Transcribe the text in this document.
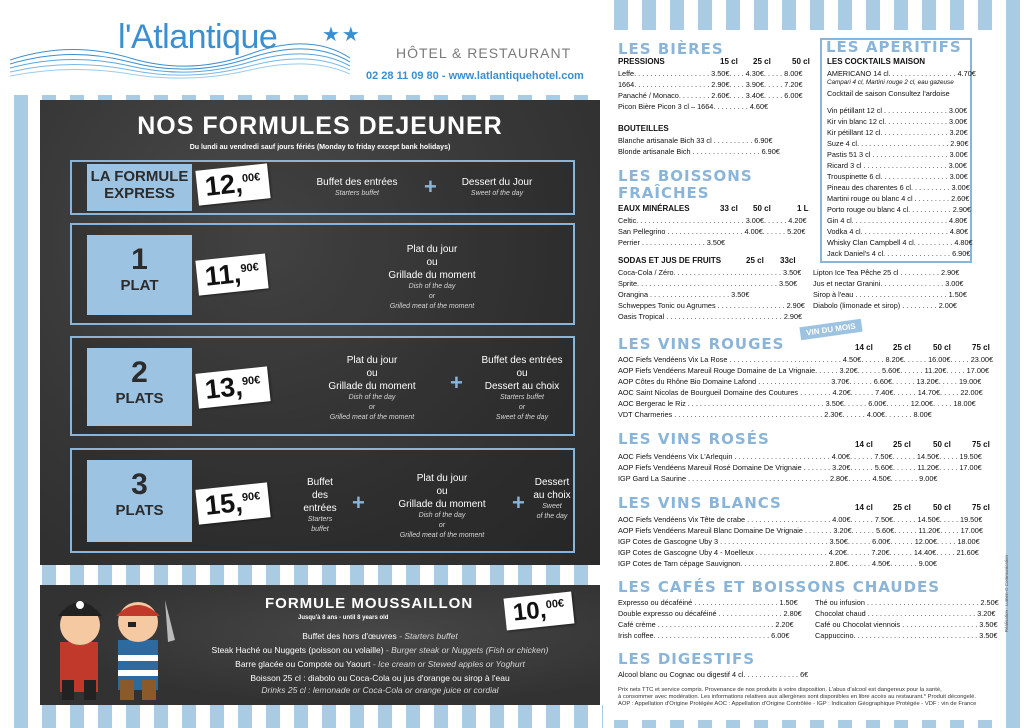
l'Atlantique ★★
HÔTEL & RESTAURANT
02 28 11 09 80 - www.latlantiquehotel.com
NOS FORMULES DEJEUNER
Du lundi au vendredi sauf jours fériés (Monday to friday except bank holidays)
LA FORMULE
EXPRESS	12,$^{00€}$	Buffet des entrées
Starters buffet	+	Dessert du Jour
Sweet of the day
1
PLAT	11,$^{90€}$
Plat du jour
ou
Grillade du moment
Dish of the day
or
Grilled meat of the moment
2
PLATS	13,$^{90€}$
Plat du jour
ou
Grillade du moment
Dish of the day
or
Grilled meat of the moment
+
Buffet des entrées
ou
Dessert au choix
Starters buffet
or
Sweet of the day
3
PLATS	15,$^{90€}$
Buffet
des
entrées
Starters
buffet
+
Plat du jour
ou
Grillade du moment
Dish of the day
or
Grilled meat of the moment
+
Dessert
au choix
Sweet
of the day
FORMULE MOUSSAILLON
Jusqu'à 8 ans - until 8 years old	10,$^{00€}$
Buffet des hors d'œuvres - Starters buffet
Steak Haché ou Nuggets (poisson ou volaille) - Burger steak or Nuggets (Fish or chicken)
Barre glacée ou Compote ou Yaourt - Ice cream or Stewed apples or Yoghurt
Boisson 25 cl : diabolo ou Coca-Cola ou jus d'orange ou sirop à l'eau
Drinks 25 cl : lemonade or Coca-Cola or orange juice or cordial
LES BIÈRES
PRESSIONS	15 cl 25 cl	50 cl
Leffe. . . . . . . . . . . . . . . . . . . 3.50€. . . . 4.30€. . . . . 8.00€
1664. . . . . . . . . . . . . . . . . . . 2.90€. . . . 3.90€. . . . . 7.20€
Panaché / Monaco. . . . . . . . 2.60€. . . . 3.40€. . . . . 6.00€
Picon Bière Picon 3 cl – 1664. . . . . . . . . 4.60€
BOUTEILLES
Blanche artisanale Bich 33 cl . . . . . . . . . . 6.90€
Blonde artisanale Bich . . . . . . . . . . . . . . . . . 6.90€
LES APÉRITIFS
LES COCKTAILS MAISON
AMERICANO 14 cl. . . . . . . . . . . . . . . . . 4.70€
Campari 4 cl, Martini rouge 2 cl, eau gazeuse
Cocktail de saison Consultez l'ardoise
Vin pétillant 12 cl . . . . . . . . . . . . . . . . 3.00€
Kir vin blanc 12 cl. . . . . . . . . . . . . . . . 3.00€
Kir pétillant 12 cl. . . . . . . . . . . . . . . . . 3.20€
Suze 4 cl. . . . . . . . . . . . . . . . . . . . . . . 2.90€
Pastis 51 3 cl . . . . . . . . . . . . . . . . . . . 3.00€
Ricard 3 cl . . . . . . . . . . . . . . . . . . . . . 3.00€
Trouspinette 6 cl. . . . . . . . . . . . . . . . . 3.00€
Pineau des charentes 6 cl. . . . . . . . . . 3.00€
Martini rouge ou blanc 4 cl . . . . . . . . . 2.60€
Porto rouge ou blanc 4 cl. . . . . . . . . . . 2.90€
Gin 4 cl. . . . . . . . . . . . . . . . . . . . . . . . 4.80€
Vodka 4 cl. . . . . . . . . . . . . . . . . . . . . . 4.80€
Whisky Clan Campbell 4 cl. . . . . . . . . . 4.80€
Jack Daniel's 4 cl. . . . . . . . . . . . . . . . . 6.90€
LES BOISSONS
FRAÎCHES
EAUX MINÉRALES	33 cl 50 cl	1 L
Celtic. . . . . . . . . . . . . . . . . . . . . . . . . . . 3.00€. . . . . . 4.20€
San Pellegrino . . . . . . . . . . . . . . . . . . . 4.00€. . . . . . 5.20€
Perrier . . . . . . . . . . . . . . . . 3.50€
SODAS ET JUS DE FRUITS	25 cl 33cl
Coca-Cola / Zéro. . . . . . . . . . . . . . . . . . . . . . . . . . . 3.50€
Sprite. . . . . . . . . . . . . . . . . . . . . . . . . . . . . . . . . . . 3.50€
Orangina . . . . . . . . . . . . . . . . . . . . 3.50€
Schweppes Tonic ou Agrumes . . . . . . . . . . . . . . . . . 2.90€
Oasis Tropical . . . . . . . . . . . . . . . . . . . . . . . . . . . . . 2.90€
Lipton Ice Tea Pêche 25 cl . . . . . . . . . . 2.90€
Jus et nectar Granini. . . . . . . . . . . . . . . . 3.00€
Sirop à l'eau . . . . . . . . . . . . . . . . . . . . . . . 1.50€
Diabolo (limonade et sirop) . . . . . . . . . 2.00€
VIN DU MOIS
LES VINS ROUGES	14 cl	25 cl	50 cl	75 cl
AOC Fiefs Vendéens Vix La Rose . . . . . . . . . . . . . . . . . . . . . . . . . . . . 4.50€. . . . . . 8.20€. . . . . . 16.00€. . . . . 23.00€
AOP Fiefs Vendéens Mareuil Rouge Domaine de La Vrignaie. . . . . . 3.20€. . . . . . 5.60€. . . . . . 11.20€. . . . . 17.00€
AOP Côtes du Rhône Bio Domaine Lafond . . . . . . . . . . . . . . . . . . 3.70€. . . . . . 6.60€. . . . . . 13.20€. . . . . 19.00€
AOC Saint Nicolas de Bourgueil Domaine des Coutures . . . . . . . . 4.20€. . . . . . 7.40€. . . . . . 14.70€. . . . . 22.00€
AOC Bergerac le Riz . . . . . . . . . . . . . . . . . . . . . . . . . . . . . . . . . . 3.50€. . . . . . 6.00€. . . . . . 12.00€. . . . . 18.00€
VDT Charmeries . . . . . . . . . . . . . . . . . . . . . . . . . . . . . . . . . . . . . 2.30€. . . . . . 4.00€. . . . . . . 8.00€
LES VINS ROSÉS	14 cl	25 cl	50 cl	75 cl
AOC Fiefs Vendéens Vix L'Arlequin . . . . . . . . . . . . . . . . . . . . . . . . 4.00€. . . . . . 7.50€. . . . . . 14.50€. . . . . 19.50€
AOP Fiefs Vendéens Mareuil Rosé Domaine De Vrignaie . . . . . . . 3.20€. . . . . . 5.60€. . . . . . 11.20€. . . . . 17.00€
IGP Gard La Saurine . . . . . . . . . . . . . . . . . . . . . . . . . . . . . . . . . . . 2.80€. . . . . . 4.50€. . . . . . . 9.00€
LES VINS BLANCS	14 cl	25 cl	50 cl	75 cl
AOC Fiefs Vendéens Vix Tête de crabe . . . . . . . . . . . . . . . . . . . . . 4.00€. . . . . . 7.50€. . . . . . 14.50€. . . . . 19.50€
AOP Fiefs Vendéens Mareuil Blanc Domaine De Vrignaie . . . . . . . 3.20€. . . . . . 5.60€. . . . . . 11.20€. . . . . 17.00€
IGP Cotes de Gascogne Uby 3 . . . . . . . . . . . . . . . . . . . . . . . . . . . 3.50€. . . . . . 6.00€. . . . . . 12.00€. . . . . 18.00€
IGP Cotes de Gascogne Uby 4 - Moelleux . . . . . . . . . . . . . . . . . . 4.20€. . . . . . 7.20€. . . . . . 14.40€. . . . . 21.60€
IGP Cotes de Tarn cépage Sauvignon. . . . . . . . . . . . . . . . . . . . . . 2.80€. . . . . . 4.50€. . . . . . . 9.00€
LES CAFÉS ET BOISSONS CHAUDES
Expresso ou décaféiné . . . . . . . . . . . . . . . . . . . . . 1.50€
Double expresso ou décaféiné . . . . . . . . . . . . . . . . 2.80€
Café crème . . . . . . . . . . . . . . . . . . . . . . . . . . . . . 2.20€
Irish coffee. . . . . . . . . . . . . . . . . . . . . . . . . . . . . 6.00€
Thé ou infusion . . . . . . . . . . . . . . . . . . . . . . . . . . . . 2.50€
Chocolat chaud . . . . . . . . . . . . . . . . . . . . . . . . . . . 3.20€
Café ou Chocolat viennois . . . . . . . . . . . . . . . . . . . 3.50€
Cappuccino. . . . . . . . . . . . . . . . . . . . . . . . . . . . . . . 3.50€
LES DIGESTIFS
Alcool blanc ou Cognac ou digestif 4 cl. . . . . . . . . . . . . . 6€
Prix nets TTC et service compris. Provenance de nos produits à votre disposition. L'abus d'alcool est dangereux pour la santé,
à consommer avec modération. Les informations relatives aux allergènes sont disponibles en libre accès au restaurant.* Produit décongelé.
AOP : Appellation d'Origine Protégée AOC : Appellation d'Origine Contrôlée - IGP : Indication Géographique Protégée - VDF : vin de France
Réalisation : Lumen-O Communication
